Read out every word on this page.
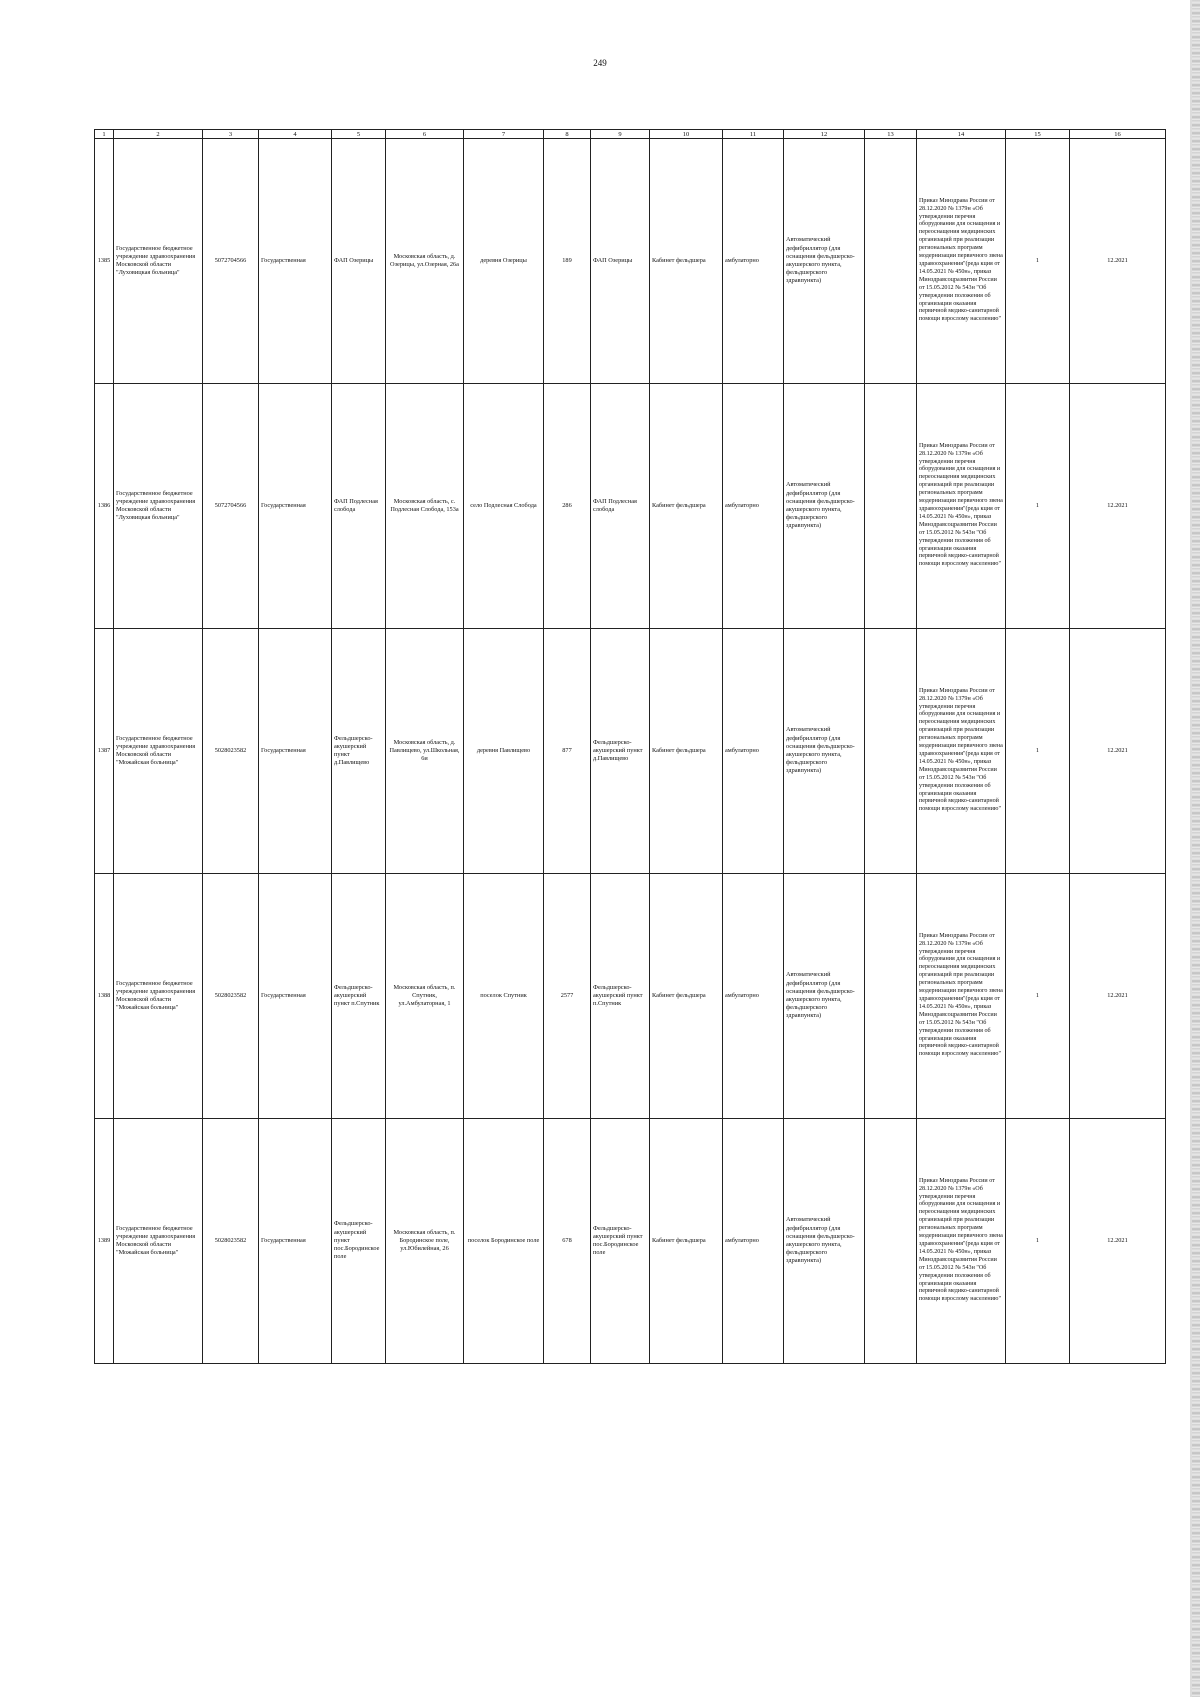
249
1	2	3	4	5	6	7	8	9	10	11	12	13	14	15	16
1385	Государственное бюджетное учреждение здравоохранения Московской области "Луховицкая больница"	5072704566	Государственная	ФАП Озерицы	Московская область, д. Озерицы, ул.Озерная, 26а	деревня Озерицы	189	ФАП Озерицы	Кабинет фельдшера	амбулаторно	Автоматический дефибриллятор (для оснащения фельдшерско-акушерского пункта, фельдшерского здравпункта)		Приказ Минздрава России от 28.12.2020 № 1379н «Об утверждении перечня оборудования для оснащения и переоснащения медицинских организаций при реализации региональных программ модернизации первичного звена здравоохранения"(реда кция от 14.05.2021 № 450н», приказ Минздравсоцразвития России от 15.05.2012 № 543н "Об утверждении положения об организации оказания первичной медико-санитарной помощи взрослому населению"	1	12.2021
1386	Государственное бюджетное учреждение здравоохранения Московской области "Луховицкая больница"	5072704566	Государственная	ФАП Подлесная слобода	Московская область, с. Подлесная Слобода, 153а	село Подлесная Слобода	286	ФАП Подлесная слобода	Кабинет фельдшера	амбулаторно	Автоматический дефибриллятор (для оснащения фельдшерско-акушерского пункта, фельдшерского здравпункта)		Приказ Минздрава России от 28.12.2020 № 1379н «Об утверждении перечня оборудования для оснащения и переоснащения медицинских организаций при реализации региональных программ модернизации первичного звена здравоохранения"(реда кция от 14.05.2021 № 450н», приказ Минздравсоцразвития России от 15.05.2012 № 543н "Об утверждении положения об организации оказания первичной медико-санитарной помощи взрослому населению"	1	12.2021
1387	Государственное бюджетное учреждение здравоохранения Московской области "Можайская больница"	5028023582	Государственная	Фельдшерско-акушерский пункт д.Павлищево	Московская область, д. Павлищево, ул.Школьная, 6и	деревня Павлищево	877	Фельдшерско-акушерский пункт д.Павлищево	Кабинет фельдшера	амбулаторно	Автоматический дефибриллятор (для оснащения фельдшерско-акушерского пункта, фельдшерского здравпункта)		Приказ Минздрава России от 28.12.2020 № 1379н «Об утверждении перечня оборудования для оснащения и переоснащения медицинских организаций при реализации региональных программ модернизации первичного звена здравоохранения"(реда кция от 14.05.2021 № 450н», приказ Минздравсоцразвития России от 15.05.2012 № 543н "Об утверждении положения об организации оказания первичной медико-санитарной помощи взрослому населению"	1	12.2021
1388	Государственное бюджетное учреждение здравоохранения Московской области "Можайская больница"	5028023582	Государственная	Фельдшерско-акушерский пункт п.Спутник	Московская область, п. Спутник, ул.Амбулаторная, 1	поселок Спутник	2577	Фельдшерско-акушерский пункт п.Спутник	Кабинет фельдшера	амбулаторно	Автоматический дефибриллятор (для оснащения фельдшерско-акушерского пункта, фельдшерского здравпункта)		Приказ Минздрава России от 28.12.2020 № 1379н «Об утверждении перечня оборудования для оснащения и переоснащения медицинских организаций при реализации региональных программ модернизации первичного звена здравоохранения"(реда кция от 14.05.2021 № 450н», приказ Минздравсоцразвития России от 15.05.2012 № 543н "Об утверждении положения об организации оказания первичной медико-санитарной помощи взрослому населению"	1	12.2021
1389	Государственное бюджетное учреждение здравоохранения Московской области "Можайская больница"	5028023582	Государственная	Фельдшерско-акушерский пункт пос.Бородинское поле	Московская область, п. Бородинское поле, ул.Юбилейная, 26	поселок Бородинское поле	678	Фельдшерско-акушерский пункт пос.Бородинское поле	Кабинет фельдшера	амбулаторно	Автоматический дефибриллятор (для оснащения фельдшерско-акушерского пункта, фельдшерского здравпункта)		Приказ Минздрава России от 28.12.2020 № 1379н «Об утверждении перечня оборудования для оснащения и переоснащения медицинских организаций при реализации региональных программ модернизации первичного звена здравоохранения"(реда кция от 14.05.2021 № 450н», приказ Минздравсоцразвития России от 15.05.2012 № 543н "Об утверждении положения об организации оказания первичной медико-санитарной помощи взрослому населению"	1	12.2021
